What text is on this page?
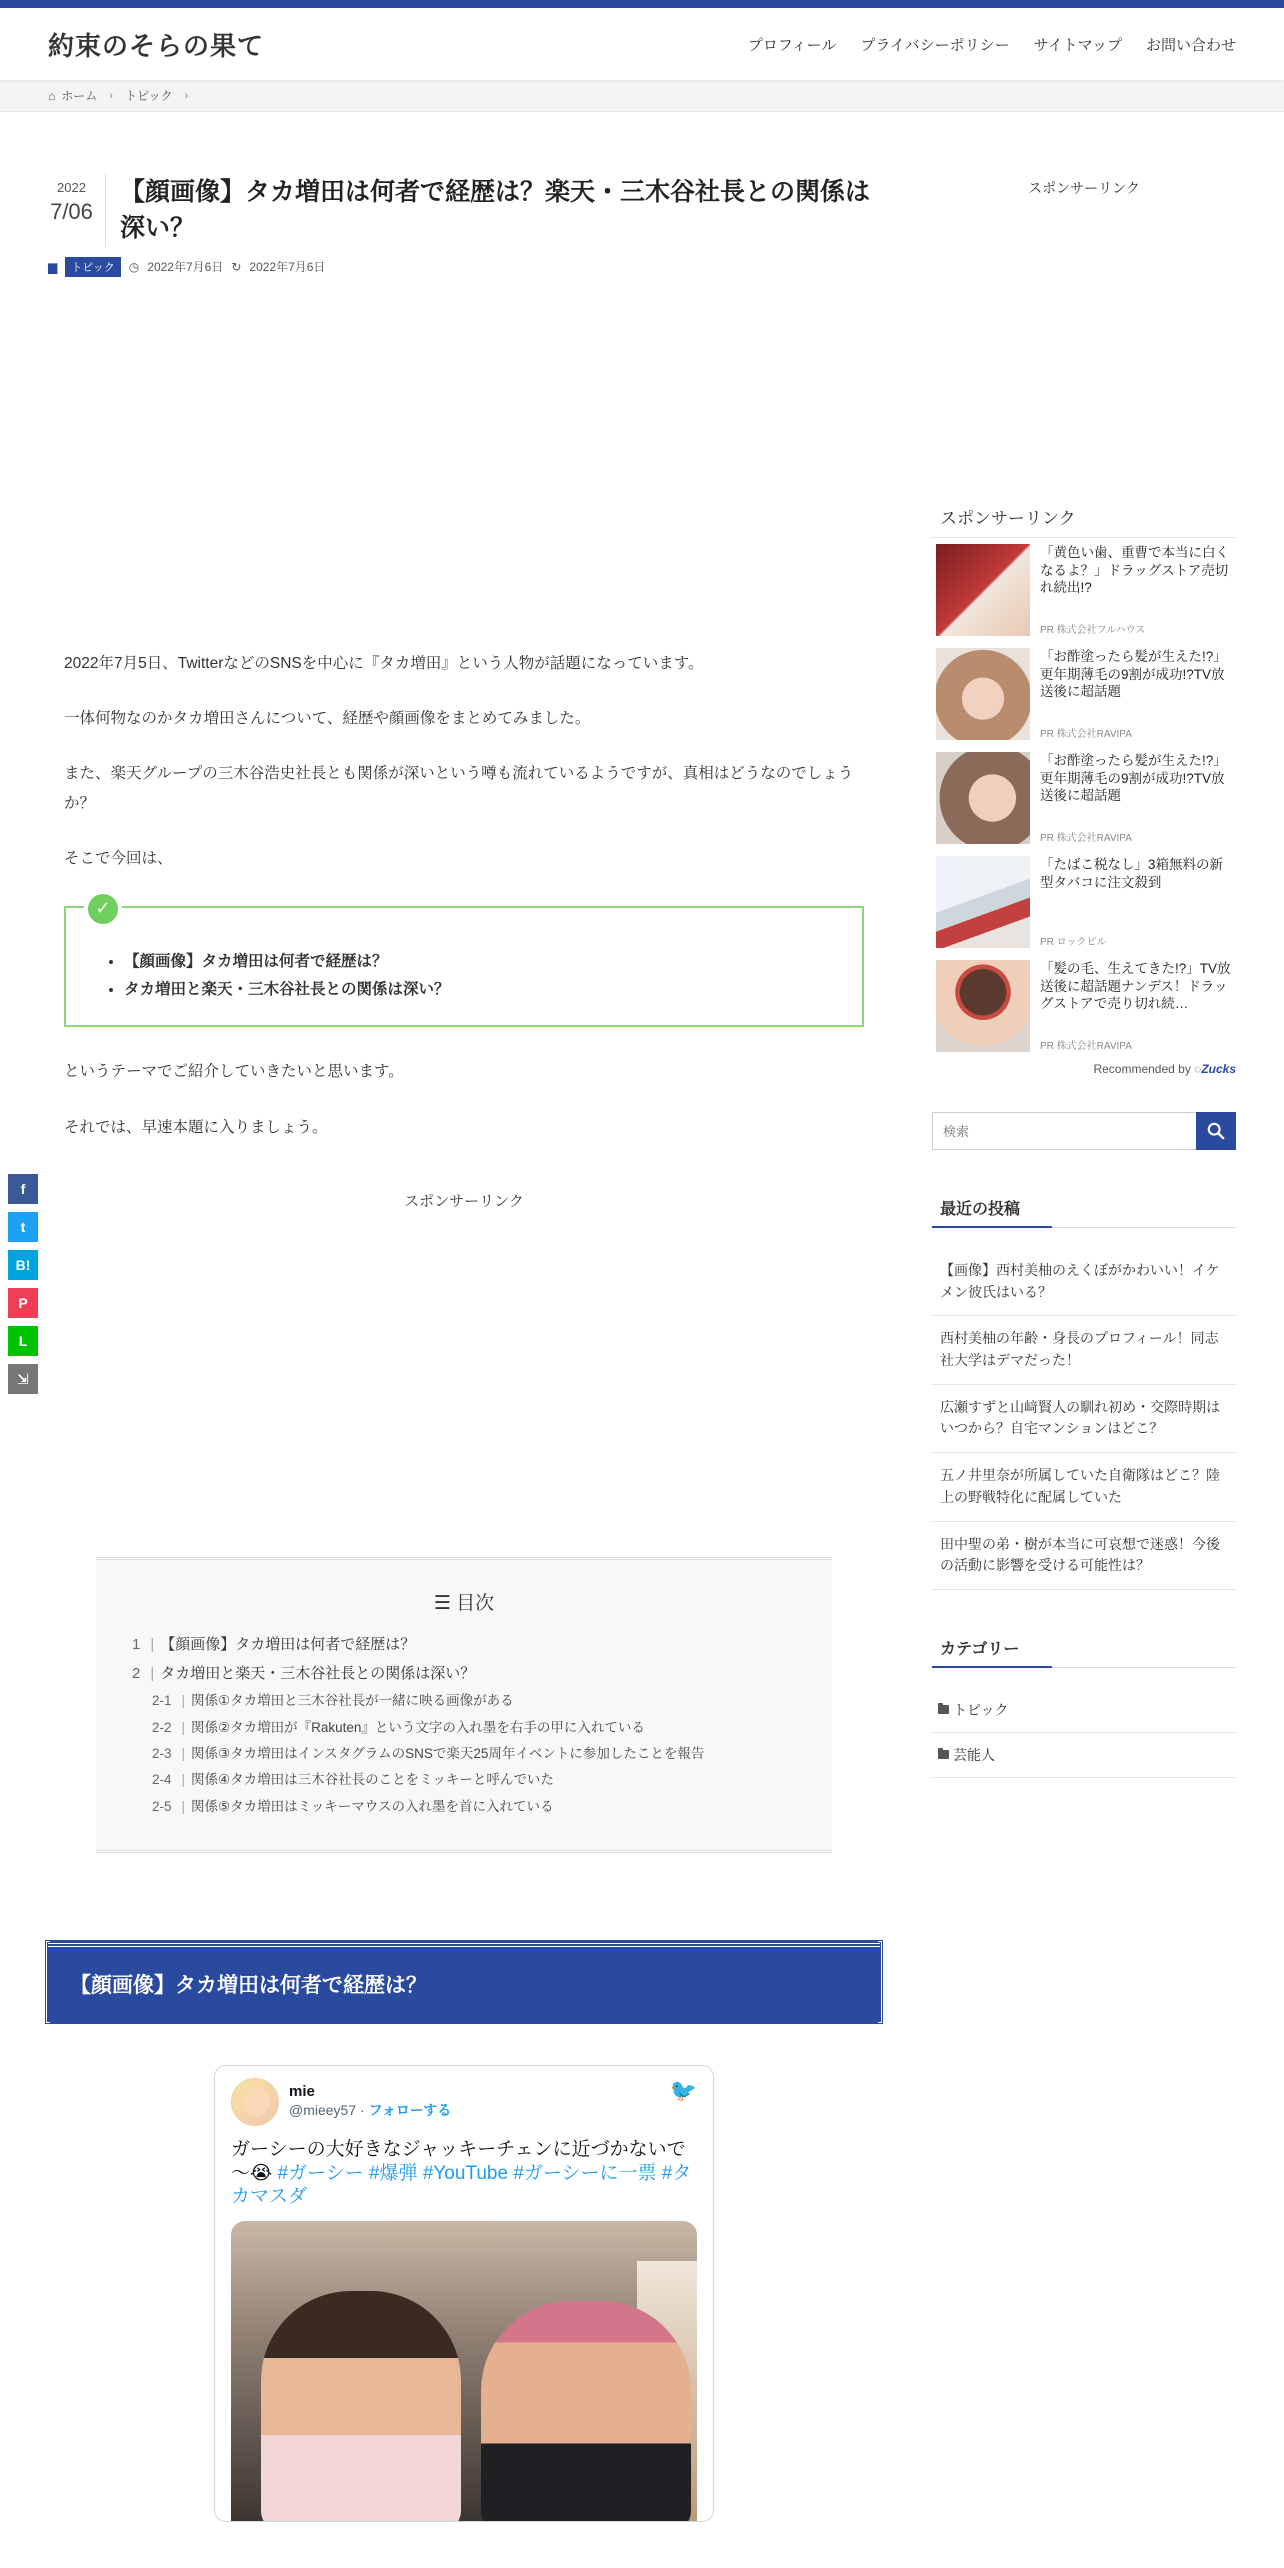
約束のそらの果て	プロフィール プライバシーポリシー サイトマップ お問い合わせ
⌂ ホーム › トピック ›
2022
7/06
【顔画像】タカ増田は何者で経歴は？楽天・三木谷社長との関係は深い？
▆	トピック	◷ 2022年7月6日 ↻ 2022年7月6日

2022年7月5日、TwitterなどのSNSを中心に『タカ増田』という人物が話題になっています。

一体何物なのかタカ増田さんについて、経歴や顔画像をまとめてみました。

また、楽天グループの三木谷浩史社長とも関係が深いという噂も流れているようですが、真相はどうなのでしょうか？

そこで今回は、

✓
• 【顔画像】タカ増田は何者で経歴は？
• タカ増田と楽天・三木谷社長との関係は深い？

というテーマでご紹介していきたいと思います。

それでは、早速本題に入りましょう。

スポンサーリンク
☰ 目次
1 | 【顔画像】タカ増田は何者で経歴は？
2 | タカ増田と楽天・三木谷社長との関係は深い？
2-1 | 関係①タカ増田と三木谷社長が一緒に映る画像がある
2-2 | 関係②タカ増田が『Rakuten』という文字の入れ墨を右手の甲に入れている
2-3 | 関係③タカ増田はインスタグラムのSNSで楽天25周年イベントに参加したことを報告
2-4 | 関係④タカ増田は三木谷社長のことをミッキーと呼んでいた
2-5 | 関係⑤タカ増田はミッキーマウスの入れ墨を首に入れている
【顔画像】タカ増田は何者で経歴は？
mie
@mieey57 · フォローする
🐦
ガーシーの大好きなジャッキーチェンに近づかないで～😭 #ガーシー #爆弾 #YouTube #ガーシーに一票 #タカマスダ
スポンサーリンク
スポンサーリンク
「黄色い歯、重曹で本当に白くなるよ？」ドラッグストア売切れ続出!?
PR 株式会社フルハウス
「お酢塗ったら髪が生えた!?」更年期薄毛の9割が成功!?TV放送後に超話題
PR 株式会社RAVIPA
「お酢塗ったら髪が生えた!?」更年期薄毛の9割が成功!?TV放送後に超話題
PR 株式会社RAVIPA
「たばこ税なし」3箱無料の新型タバコに注文殺到
PR ロックピル
「髪の毛、生えてきた!?」TV放送後に超話題ナンデス！ドラッグストアで売り切れ続…
PR 株式会社RAVIPA
Recommended by ◌Zucks
検索
最近の投稿
【画像】西村美柚のえくぼがかわいい！イケメン彼氏はいる？
西村美柚の年齢・身長のプロフィール！同志社大学はデマだった！
広瀬すずと山﨑賢人の馴れ初め・交際時期はいつから？自宅マンションはどこ？
五ノ井里奈が所属していた自衛隊はどこ？陸上の野戦特化に配属していた
田中聖の弟・樹が本当に可哀想で迷惑！今後の活動に影響を受ける可能性は？
カテゴリー
トピック
芸能人
f
t
B!
P
L
⇲
